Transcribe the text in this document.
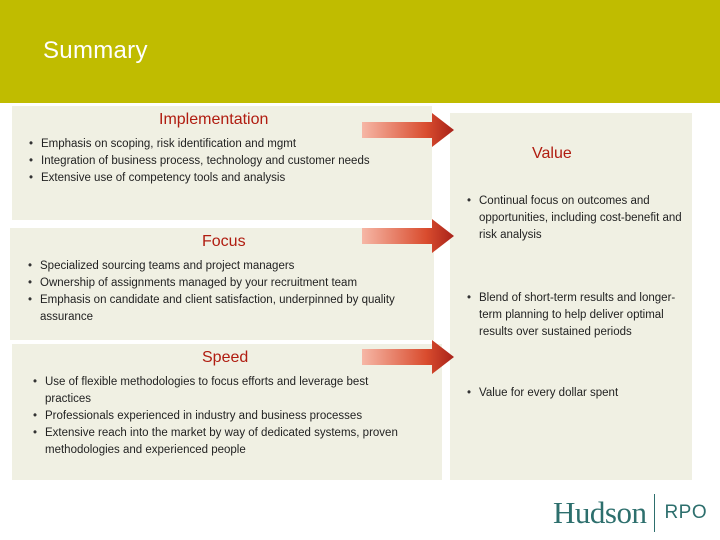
Summary
Implementation
• Emphasis on scoping, risk identification and mgmt
• Integration of business process, technology and customer needs
• Extensive use of competency tools and analysis
Focus
• Specialized sourcing teams and project managers
• Ownership of assignments managed by your recruitment team
• Emphasis on candidate and client satisfaction, underpinned by quality assurance
Speed
• Use of flexible methodologies to focus efforts and leverage best practices
• Professionals experienced in industry and business processes
• Extensive reach into the market by way of dedicated systems, proven methodologies and experienced people
Value
• Continual focus on outcomes and opportunities, including cost-benefit and risk analysis
• Blend of short-term results and longer-term planning to help deliver optimal results over sustained periods
• Value for every dollar spent
Hudson RPO
